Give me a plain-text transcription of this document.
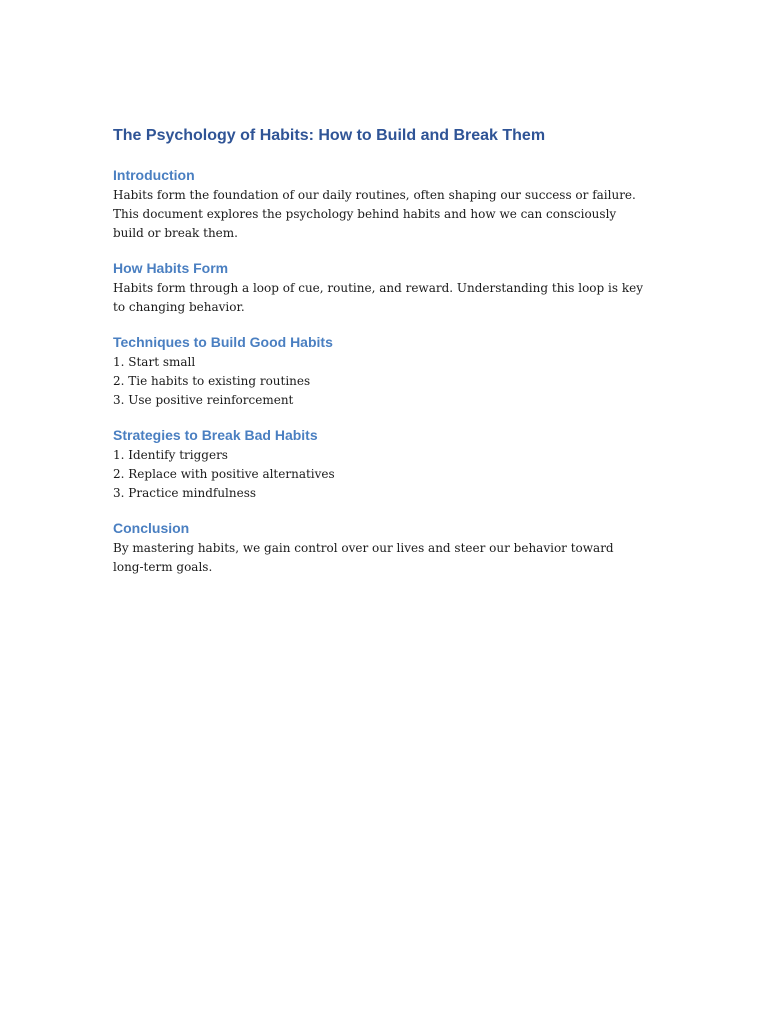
The Psychology of Habits: How to Build and Break Them
Introduction

Habits form the foundation of our daily routines, often shaping our success or failure. This document explores the psychology behind habits and how we can consciously build or break them.

How Habits Form

Habits form through a loop of cue, routine, and reward. Understanding this loop is key to changing behavior.

Techniques to Build Good Habits
1. Start small
2. Tie habits to existing routines
3. Use positive reinforcement
Strategies to Break Bad Habits
1. Identify triggers
2. Replace with positive alternatives
3. Practice mindfulness
Conclusion

By mastering habits, we gain control over our lives and steer our behavior toward long-term goals.
